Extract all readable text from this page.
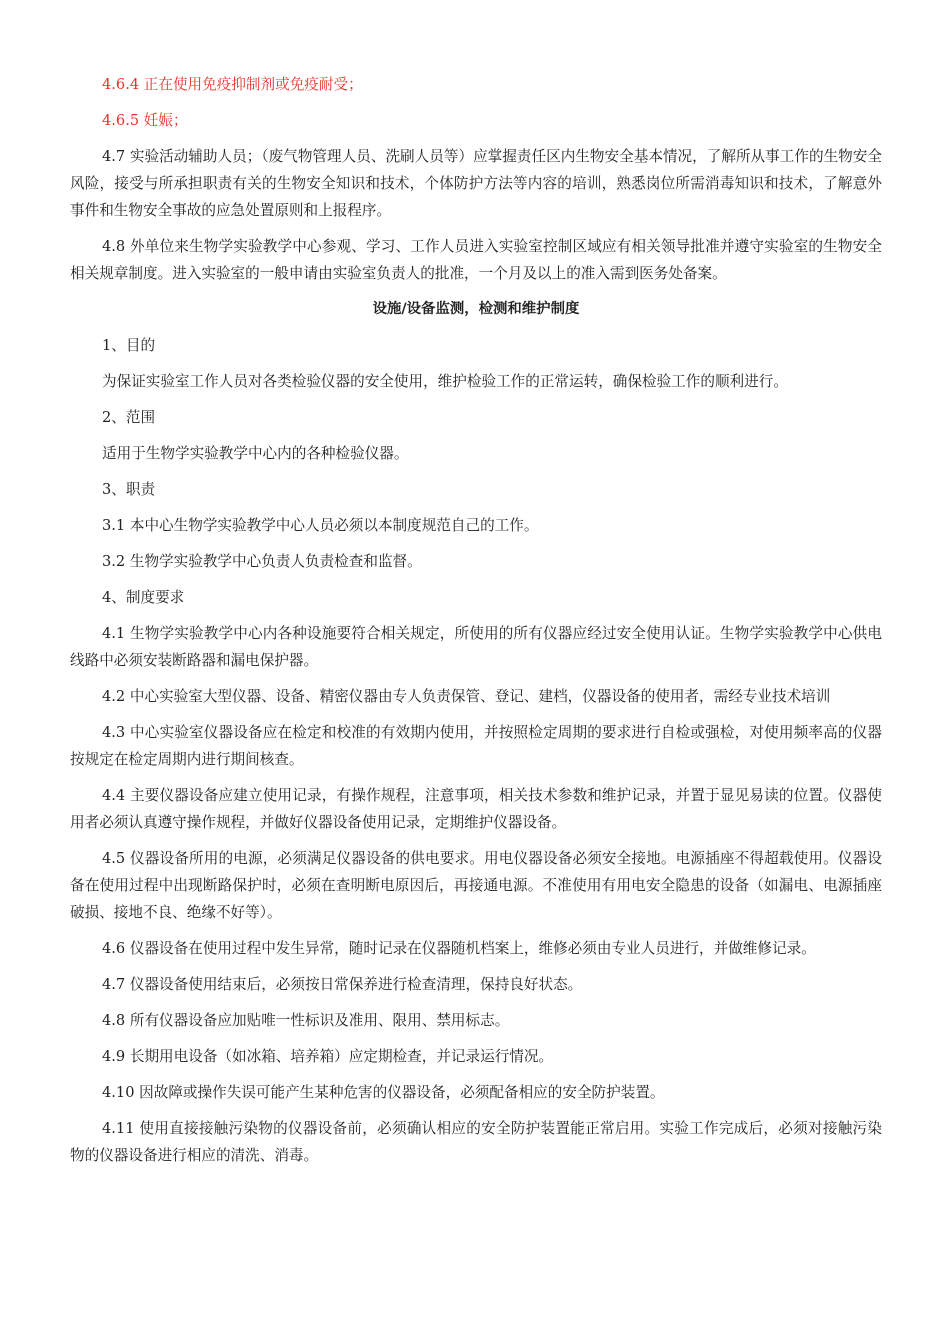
4.6.4 正在使用免疫抑制剂或免疫耐受；

4.6.5 妊娠；

4.7 实验活动辅助人员；（废气物管理人员、洗刷人员等）应掌握责任区内生物安全基本情况，了解所从事工作的生物安全风险，接受与所承担职责有关的生物安全知识和技术，个体防护方法等内容的培训，熟悉岗位所需消毒知识和技术，了解意外事件和生物安全事故的应急处置原则和上报程序。

4.8 外单位来生物学实验教学中心参观、学习、工作人员进入实验室控制区域应有相关领导批准并遵守实验室的生物安全相关规章制度。进入实验室的一般申请由实验室负责人的批准，一个月及以上的准入需到医务处备案。

设施/设备监测，检测和维护制度

1、目的

为保证实验室工作人员对各类检验仪器的安全使用，维护检验工作的正常运转，确保检验工作的顺利进行。

2、范围

适用于生物学实验教学中心内的各种检验仪器。

3、职责

3.1 本中心生物学实验教学中心人员必须以本制度规范自己的工作。

3.2 生物学实验教学中心负责人负责检查和监督。

4、制度要求

4.1 生物学实验教学中心内各种设施要符合相关规定，所使用的所有仪器应经过安全使用认证。生物学实验教学中心供电线路中必须安装断路器和漏电保护器。

4.2 中心实验室大型仪器、设备、精密仪器由专人负责保管、登记、建档，仪器设备的使用者，需经专业技术培训

4.3 中心实验室仪器设备应在检定和校准的有效期内使用，并按照检定周期的要求进行自检或强检，对使用频率高的仪器按规定在检定周期内进行期间核查。

4.4 主要仪器设备应建立使用记录，有操作规程，注意事项，相关技术参数和维护记录，并置于显见易读的位置。仪器使用者必须认真遵守操作规程，并做好仪器设备使用记录，定期维护仪器设备。

4.5 仪器设备所用的电源，必须满足仪器设备的供电要求。用电仪器设备必须安全接地。电源插座不得超载使用。仪器设备在使用过程中出现断路保护时，必须在查明断电原因后，再接通电源。不准使用有用电安全隐患的设备（如漏电、电源插座破损、接地不良、绝缘不好等）。

4.6 仪器设备在使用过程中发生异常，随时记录在仪器随机档案上，维修必须由专业人员进行，并做维修记录。

4.7 仪器设备使用结束后，必须按日常保养进行检查清理，保持良好状态。

4.8 所有仪器设备应加贴唯一性标识及准用、限用、禁用标志。

4.9 长期用电设备（如冰箱、培养箱）应定期检查，并记录运行情况。

4.10 因故障或操作失误可能产生某种危害的仪器设备，必须配备相应的安全防护装置。

4.11 使用直接接触污染物的仪器设备前，必须确认相应的安全防护装置能正常启用。实验工作完成后，必须对接触污染物的仪器设备进行相应的清洗、消毒。
